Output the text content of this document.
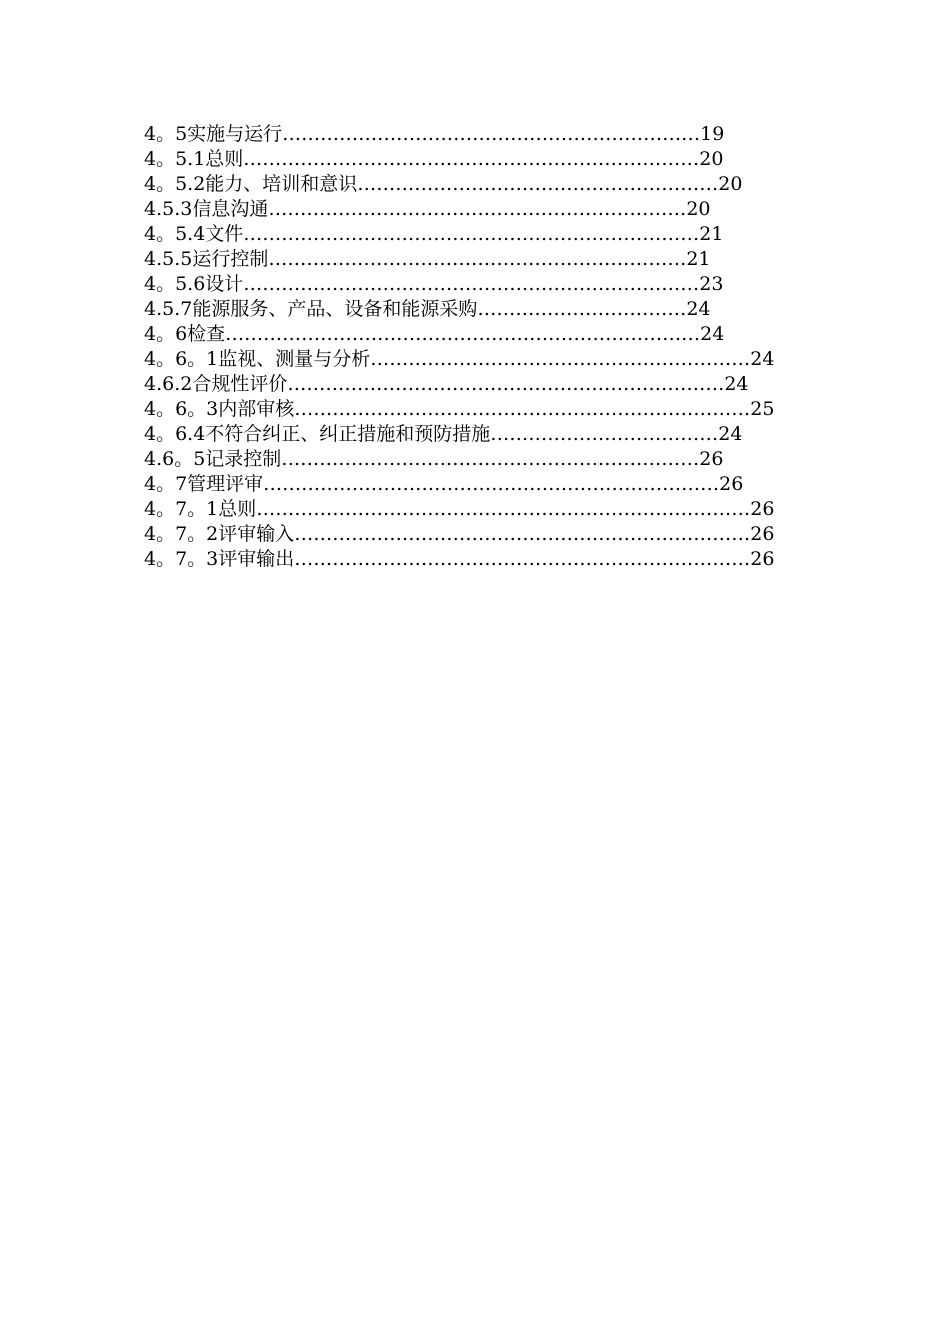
4。5实施与运行…………………………………………………………19
4。5.1总则………………………………………………………………20
4。5.2能力、培训和意识…………………………………………………20
4.5.3信息沟通…………………………………………………………20
4。5.4文件………………………………………………………………21
4.5.5运行控制…………………………………………………………21
4。5.6设计………………………………………………………………23
4.5.7能源服务、产品、设备和能源采购……………………………24
4。6检查…………………………………………………………………24
4。6。1监视、测量与分析……………………………………………………24
4.6.2合规性评价……………………………………………………………24
4。6。3内部审核………………………………………………………………25
4。6.4不符合纠正、纠正措施和预防措施………………………………24
4.6。5记录控制…………………………………………………………26
4。7管理评审………………………………………………………………26
4。7。1总则……………………………………………………………………26
4。7。2评审输入………………………………………………………………26
4。7。3评审输出………………………………………………………………26
